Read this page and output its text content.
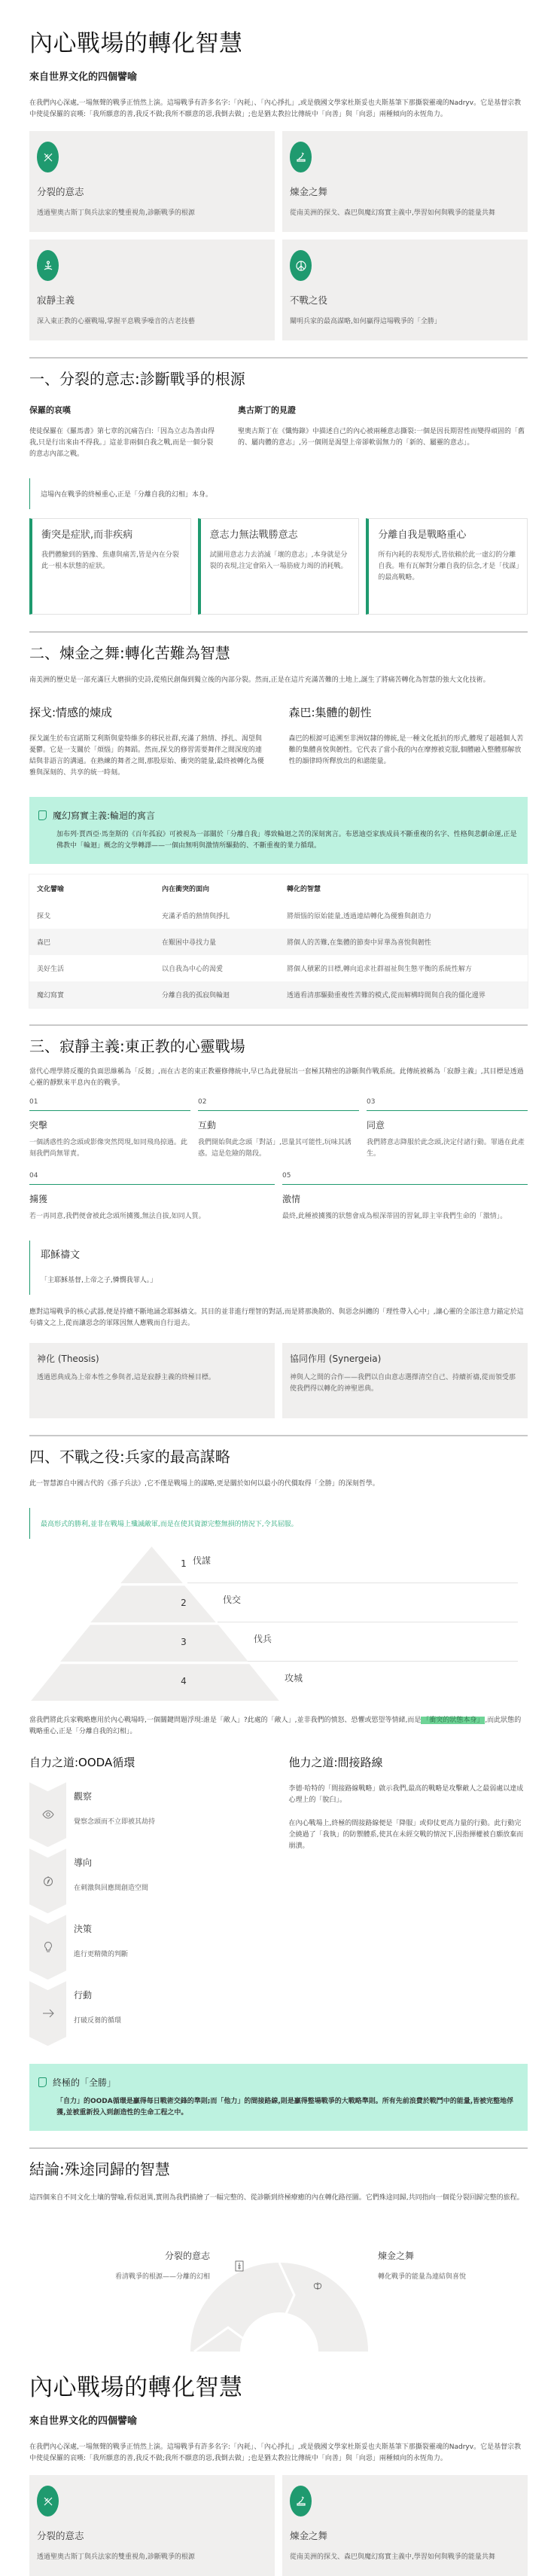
內心戰場的轉化智慧
來自世界文化的四個譬喻

在我們內心深處,一場無聲的戰爭正悄然上演。這場戰爭有許多名字:「內耗」、「內心掙扎」,或是俄國文學家杜斯妥也夫斯基筆下那撕裂靈魂的Nadryv。它是基督宗教中使徒保羅的哀嘆:「我所願意的善,我反不做;我所不願意的惡,我倒去做」;也是猶太教拉比傳統中「向善」與「向惡」兩種傾向的永恆角力。

分裂的意志

透過聖奧古斯丁與兵法家的雙重視角,診斷戰爭的根源

煉金之舞

從南美洲的探戈、森巴與魔幻寫實主義中,學習如何與戰爭的能量共舞

寂靜主義

深入東正教的心靈戰場,掌握平息戰爭噪音的古老技藝

不戰之役

闡明兵家的最高謀略,如何贏得這場戰爭的「全勝」

一、分裂的意志:診斷戰爭的根源
保羅的哀嘆

使徒保羅在《羅馬書》第七章的沉痛告白:「因為立志為善由得我,只是行出來由不得我。」這並非兩個自我之戰,而是一個分裂的意志內部之戰。

奧古斯丁的見證

聖奧古斯丁在《懺悔錄》中描述自己的內心被兩種意志撕裂:一個是因長期習性而變得頑固的「舊的、屬肉體的意志」,另一個則是渴望上帝卻軟弱無力的「新的、屬靈的意志」。

這場內在戰爭的終極重心,正是「分離自我的幻相」本身。
衝突是症狀,而非疾病

我們體驗到的猶豫、焦慮與痛苦,皆是內在分裂此一根本狀態的症狀。

意志力無法戰勝意志

試圖用意志力去消滅「壞的意志」,本身就是分裂的表現,注定會陷入一場筋疲力竭的消耗戰。

分離自我是戰略重心

所有內耗的表現形式,皆依賴於此一虛幻的分離自我。唯有瓦解對分離自我的信念,才是「伐謀」的最高戰略。

二、煉金之舞:轉化苦難為智慧

南美洲的歷史是一部充滿巨大磨損的史詩,從殖民創傷到獨立後的內部分裂。然而,正是在這片充滿苦難的土地上,誕生了將痛苦轉化為智慧的強大文化技術。

探戈:情感的煉成

探戈誕生於布宜諾斯艾利斯與蒙特維多的移民社群,充滿了熱情、掙扎、渴望與憂鬱。它是一支關於「煩惱」的舞蹈。然而,探戈的修習需要舞伴之間深度的連結與非語言的溝通。在熟練的舞者之間,那股原始、衝突的能量,最終被轉化為優雅與深刻的、共享的統一時刻。

森巴:集體的韌性

森巴的根源可追溯至非洲奴隸的傳統,是一種文化抵抗的形式,體現了超越個人苦難的集體喜悅與韌性。它代表了當小我的內在摩擦被克服,個體融入整體那解放性的韻律時所釋放出的和諧能量。

魔幻寫實主義:輪迴的寓言

加布列·賈西亞·馬奎斯的《百年孤寂》可被視為一部關於「分離自我」導致輪迴之苦的深刻寓言。布恩迪亞家族成員不斷重複的名字、性格與悲劇命運,正是佛教中「輪迴」概念的文學轉譯——一個由無明與激情所驅動的、不斷重複的業力循環。

文化譬喻	內在衝突的面向	轉化的智慧
探戈	充滿矛盾的熱情與掙扎	將煩惱的原始能量,透過連結轉化為優雅與創造力
森巴	在艱困中尋找力量	將個人的苦難,在集體的節奏中昇華為喜悅與韌性
美好生活	以自我為中心的渴愛	將個人積累的目標,轉向追求社群福祉與生態平衡的系統性解方
魔幻寫實	分離自我的孤寂與輪迴	透過看清那驅動重複性苦難的模式,從而解構時間與自我的僵化邊界
三、寂靜主義:東正教的心靈戰場

當代心理學將反覆的負面思維稱為「反芻」,而在古老的東正教靈修傳統中,早已為此發展出一套極其精密的診斷與作戰系統。此傳統被稱為「寂靜主義」,其目標是透過心靈的靜默來平息內在的戰爭。

01
突擊

一個誘惑性的念頭或影像突然閃現,如同飛鳥掠過。此刻我們尚無罪責。

02
互動

我們開始與此念頭「對話」,思量其可能性,玩味其誘惑。這是危險的階段。

03
同意

我們將意志降服於此念頭,決定付諸行動。罪過在此產生。

04
擄獲

若一再同意,我們便會被此念頭所擄獲,無法自拔,如同人質。

05
激情

最終,此種被擄獲的狀態會成為根深蒂固的習氣,即主宰我們生命的「激情」。

耶穌禱文

「主耶穌基督,上帝之子,憐憫我罪人。」

應對這場戰爭的核心武器,便是持續不斷地誦念耶穌禱文。其目的並非進行理智的對話,而是將那渙散的、與惡念糾纏的「理性帶入心中」,讓心靈的全部注意力錨定於這句禱文之上,從而讓惡念的軍隊因無人應戰而自行退去。

神化 (Theosis)

透過恩典成為上帝本性之參與者,這是寂靜主義的終極目標。

協同作用 (Synergeia)

神與人之間的合作——我們以自由意志選擇清空自己、持續祈禱,從而領受那使我們得以轉化的神聖恩典。

四、不戰之役:兵家的最高謀略

此一智慧源自中國古代的《孫子兵法》,它不僅是戰場上的謀略,更是關於如何以最小的代價取得「全勝」的深刻哲學。

最高形式的勝利,並非在戰場上殲滅敵軍,而是在使其資源完整無損的情況下,令其屈服。
1 伐謀
2	伐交
3	伐兵
4	攻城

當我們將此兵家戰略應用於內心戰場時,一個關鍵問題浮現:誰是「敵人」?此處的「敵人」,並非我們的憤怒、恐懼或慾望等情緒,而是 「衝突的狀態本身」 ,而此狀態的戰略重心,正是「分離自我的幻相」。

自力之道:OODA循環
觀察

覺察念頭而不立即被其劫持

導向

在刺激與回應間創造空間

決策

進行更精微的判斷

行動

打破反芻的循環

他力之道:間接路線

李德·哈特的「間接路線戰略」啟示我們,最高的戰略是攻擊敵人之最弱處以達成心理上的「脫臼」。

在內心戰場上,終極的間接路線便是「降服」或仰仗更高力量的行動。此行動完全繞過了「我執」的防禦體系,使其在未經交戰的情況下,因指揮權被自願放棄而崩潰。

終極的「全勝」

「自力」的OODA循環是贏得每日戰術交鋒的準則;而「他力」的間接路線,則是贏得整場戰爭的大戰略準則。所有先前浪費於戰鬥中的能量,皆被完整地俘獲,並被重新投入到創造性的生命工程之中。

結論:殊途同歸的智慧

這四個來自不同文化土壤的譬喻,看似迥異,實則為我們描繪了一幅完整的、從診斷到終極療癒的內在轉化路徑圖。它們殊途同歸,共同指向一個從分裂回歸完整的旅程。

分裂的意志

看清戰爭的根源——分離的幻相

煉金之舞

轉化戰爭的能量為連結與喜悅

內心戰場的轉化智慧
來自世界文化的四個譬喻

在我們內心深處,一場無聲的戰爭正悄然上演。這場戰爭有許多名字:「內耗」、「內心掙扎」,或是俄國文學家杜斯妥也夫斯基筆下那撕裂靈魂的Nadryv。它是基督宗教中使徒保羅的哀嘆:「我所願意的善,我反不做;我所不願意的惡,我倒去做」;也是猶太教拉比傳統中「向善」與「向惡」兩種傾向的永恆角力。

分裂的意志

透過聖奧古斯丁與兵法家的雙重視角,診斷戰爭的根源

煉金之舞

從南美洲的探戈、森巴與魔幻寫實主義中,學習如何與戰爭的能量共舞
